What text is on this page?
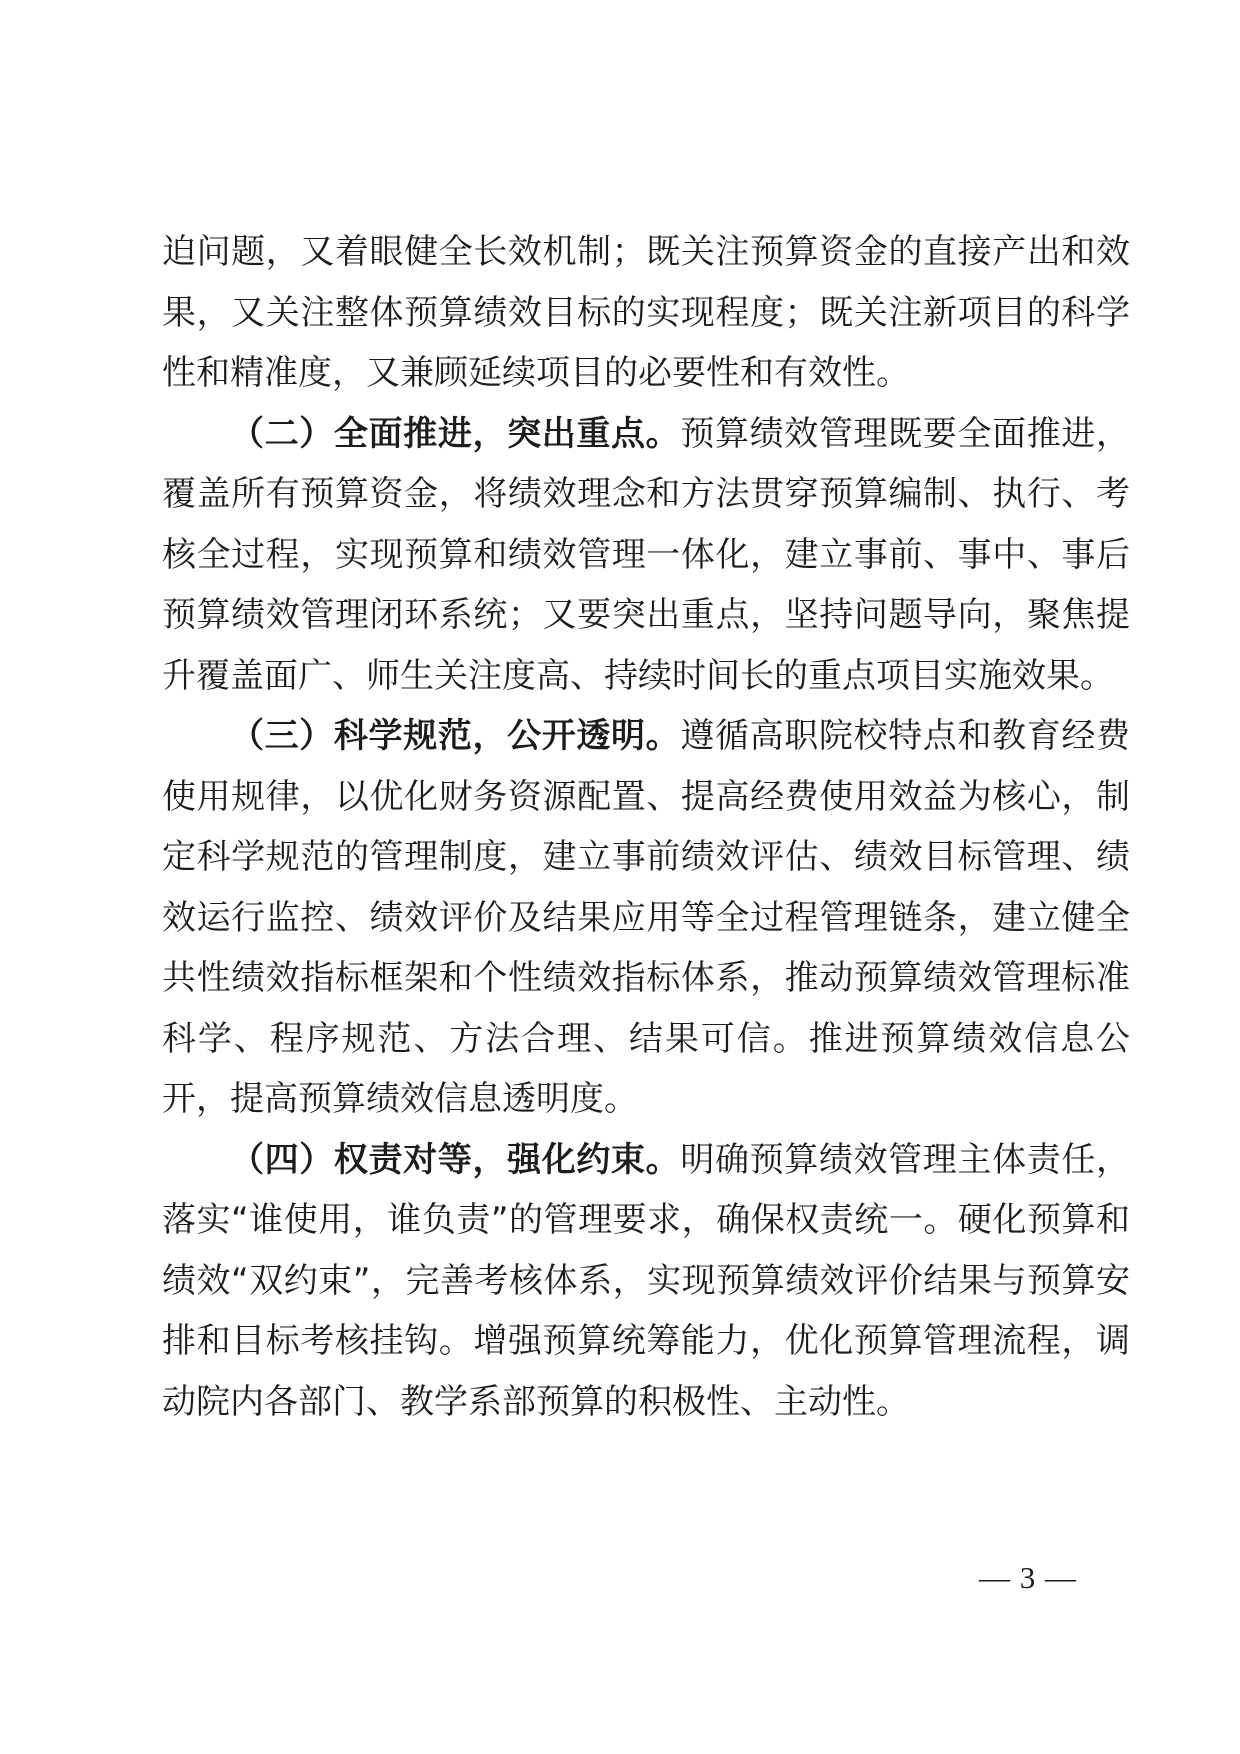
迫问题，又着眼健全长效机制；既关注预算资金的直接产出和效果，又关注整体预算绩效目标的实现程度；既关注新项目的科学性和精准度，又兼顾延续项目的必要性和有效性。

（二）全面推进，突出重点。预算绩效管理既要全面推进，覆盖所有预算资金，将绩效理念和方法贯穿预算编制、执行、考核全过程，实现预算和绩效管理一体化，建立事前、事中、事后预算绩效管理闭环系统；又要突出重点，坚持问题导向，聚焦提升覆盖面广、师生关注度高、持续时间长的重点项目实施效果。

（三）科学规范，公开透明。遵循高职院校特点和教育经费使用规律，以优化财务资源配置、提高经费使用效益为核心，制定科学规范的管理制度，建立事前绩效评估、绩效目标管理、绩效运行监控、绩效评价及结果应用等全过程管理链条，建立健全共性绩效指标框架和个性绩效指标体系，推动预算绩效管理标准科学、程序规范、方法合理、结果可信。推进预算绩效信息公开，提高预算绩效信息透明度。

（四）权责对等，强化约束。明确预算绩效管理主体责任，落实“谁使用，谁负责”的管理要求，确保权责统一。硬化预算和绩效“双约束”，完善考核体系，实现预算绩效评价结果与预算安排和目标考核挂钩。增强预算统筹能力，优化预算管理流程，调动院内各部门、教学系部预算的积极性、主动性。

— 3 —
